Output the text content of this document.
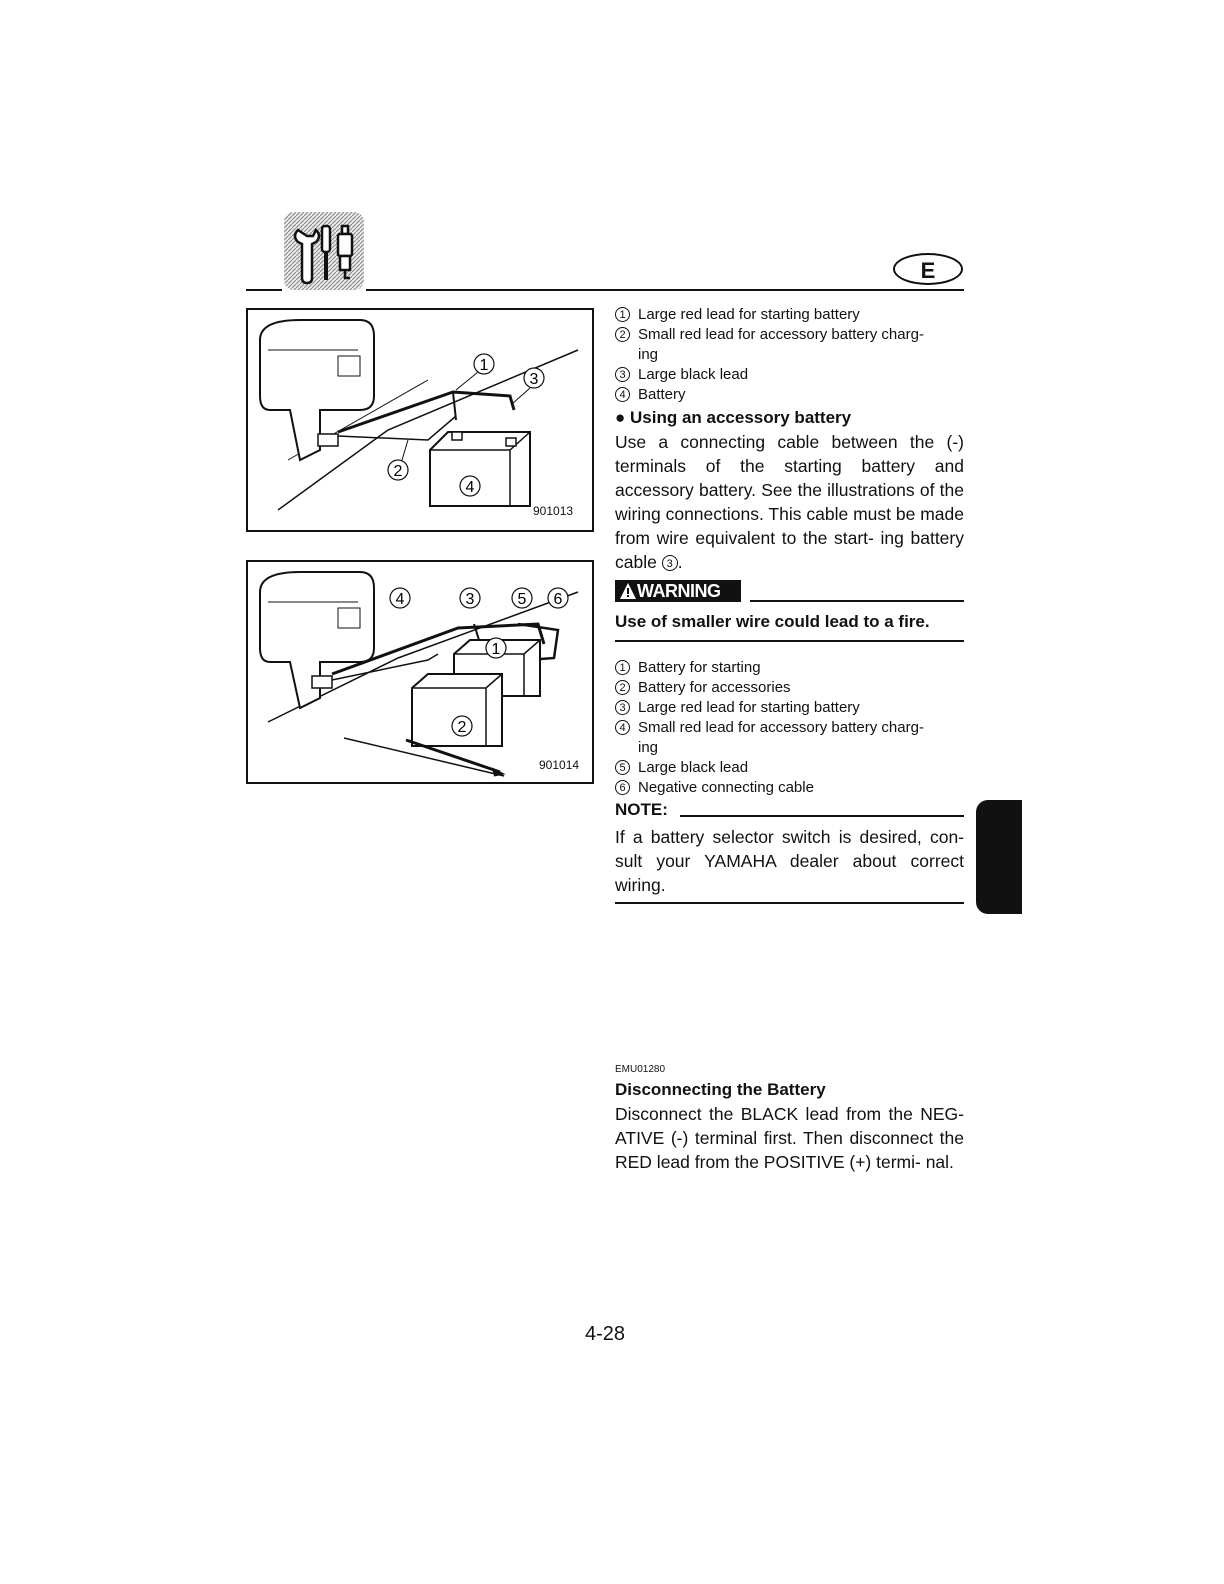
E
1
3
2
4
901013
4	3	5 6
1
2
901014
1 Large red lead for starting battery
2 Small red lead for accessory battery charg-
ing
3 Large black lead
4 Battery
● Using an accessory battery
Use a connecting cable between the (-) terminals of the starting battery and accessory battery. See the illustrations of the wiring connections. This cable must be made from wire equivalent to the start- ing battery cable 3 .
WARNING
Use of smaller wire could lead to a fire.
1 Battery for starting
2 Battery for accessories
3 Large red lead for starting battery
4 Small red lead for accessory battery charg-
ing
5 Large black lead
6 Negative connecting cable
NOTE:
If a battery selector switch is desired, con- sult your YAMAHA dealer about correct wiring.
EMU01280
Disconnecting the Battery
Disconnect the BLACK lead from the NEG- ATIVE (-) terminal first. Then disconnect the RED lead from the POSITIVE (+) termi- nal.
4-28
